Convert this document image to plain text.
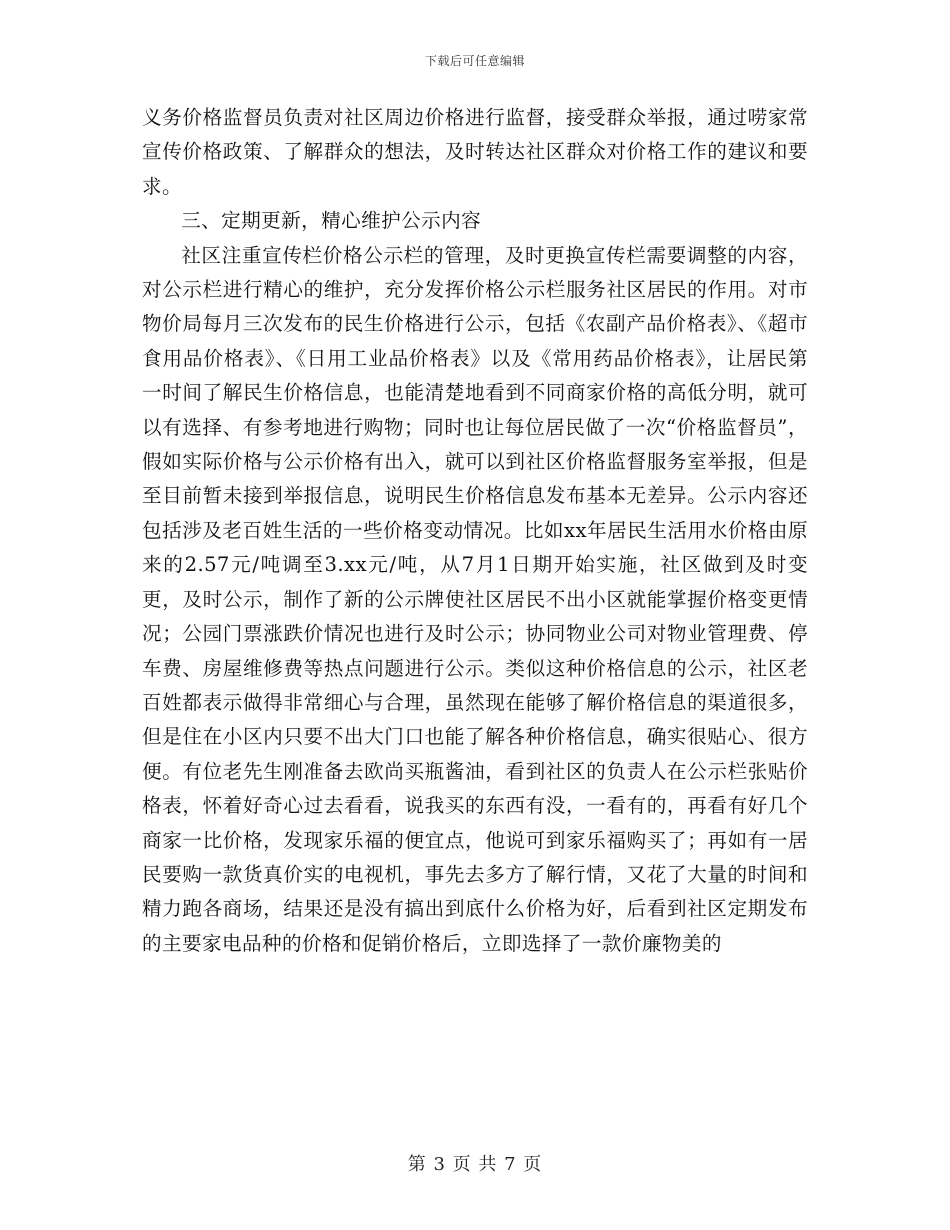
下载后可任意编辑

义务价格监督员负责对社区周边价格进行监督，接受群众举报，通过唠家常宣传价格政策、了解群众的想法，及时转达社区群众对价格工作的建议和要求。

三、定期更新，精心维护公示内容

社区注重宣传栏价格公示栏的管理，及时更换宣传栏需要调整的内容，对公示栏进行精心的维护，充分发挥价格公示栏服务社区居民的作用。对市物价局每月三次发布的民生价格进行公示，包括《农副产品价格表》、《超市食用品价格表》、《日用工业品价格表》以及《常用药品价格表》，让居民第一时间了解民生价格信息，也能清楚地看到不同商家价格的高低分明，就可以有选择、有参考地进行购物；同时也让每位居民做了一次“价格监督员”，假如实际价格与公示价格有出入，就可以到社区价格监督服务室举报，但是至目前暂未接到举报信息，说明民生价格信息发布基本无差异。公示内容还包括涉及老百姓生活的一些价格变动情况。比如xx年居民生活用水价格由原来的2.57元/吨调至3.xx元/吨，从7月1日期开始实施，社区做到及时变更，及时公示，制作了新的公示牌使社区居民不出小区就能掌握价格变更情况；公园门票涨跌价情况也进行及时公示；协同物业公司对物业管理费、停车费、房屋维修费等热点问题进行公示。类似这种价格信息的公示，社区老百姓都表示做得非常细心与合理，虽然现在能够了解价格信息的渠道很多，但是住在小区内只要不出大门口也能了解各种价格信息，确实很贴心、很方便。有位老先生刚准备去欧尚买瓶酱油，看到社区的负责人在公示栏张贴价格表，怀着好奇心过去看看，说我买的东西有没，一看有的，再看有好几个商家一比价格，发现家乐福的便宜点，他说可到家乐福购买了；再如有一居民要购一款货真价实的电视机，事先去多方了解行情，又花了大量的时间和精力跑各商场，结果还是没有搞出到底什么价格为好，后看到社区定期发布的主要家电品种的价格和促销价格后，立即选择了一款价廉物美的

第 3 页 共 7 页
